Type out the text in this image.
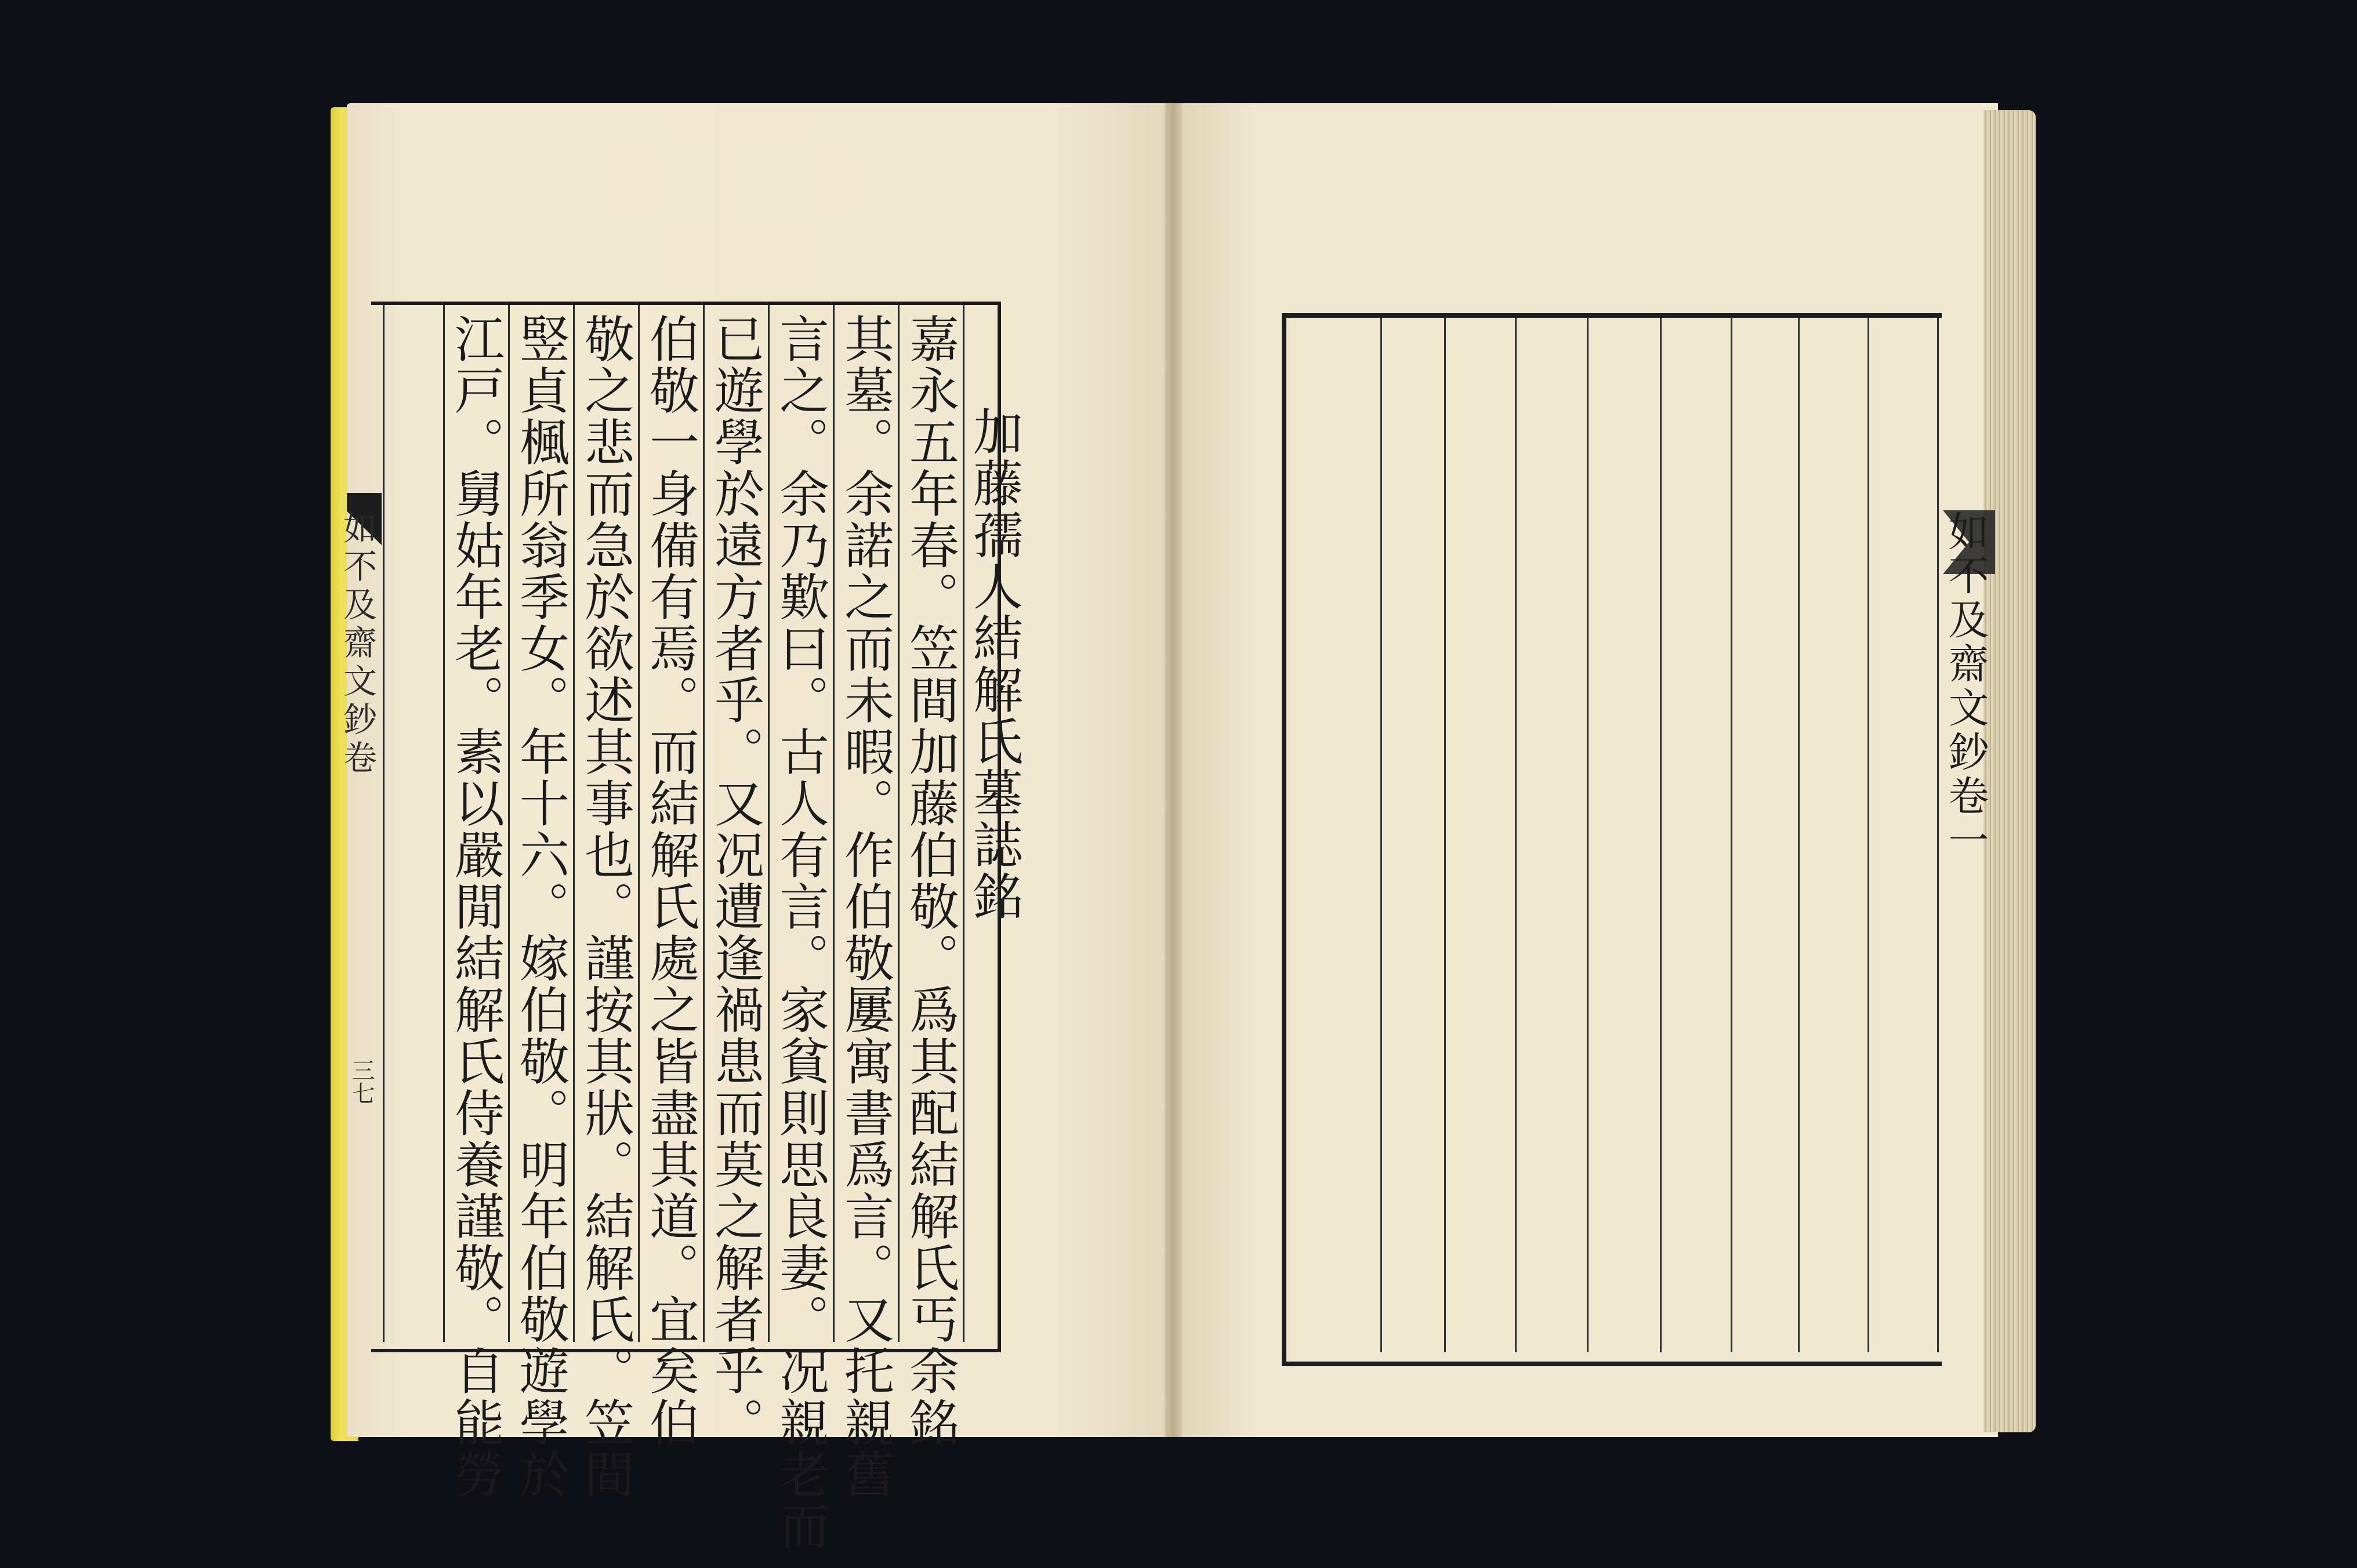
加藤孺人結解氏墓誌銘
嘉永五年春。笠間加藤伯敬。爲其配結解氏丐余銘
其墓。余諾之而未暇。作伯敬屢寓書爲言。又托親舊
言之。余乃歎曰。古人有言。家貧則思良妻。况親老而
已遊學於遠方者乎。又况遭逢禍患而莫之解者乎。
伯敬一身備有焉。而結解氏處之皆盡其道。宜矣伯
敬之悲而急於欲述其事也。謹按其狀。結解氏。笠間
竪貞楓所翁季女。年十六。嫁伯敬。明年伯敬遊學於
江戸。舅姑年老。素以嚴閒結解氏侍養謹敬。自能勞
如不及齋文鈔卷
三七
如不及齋文鈔卷一
